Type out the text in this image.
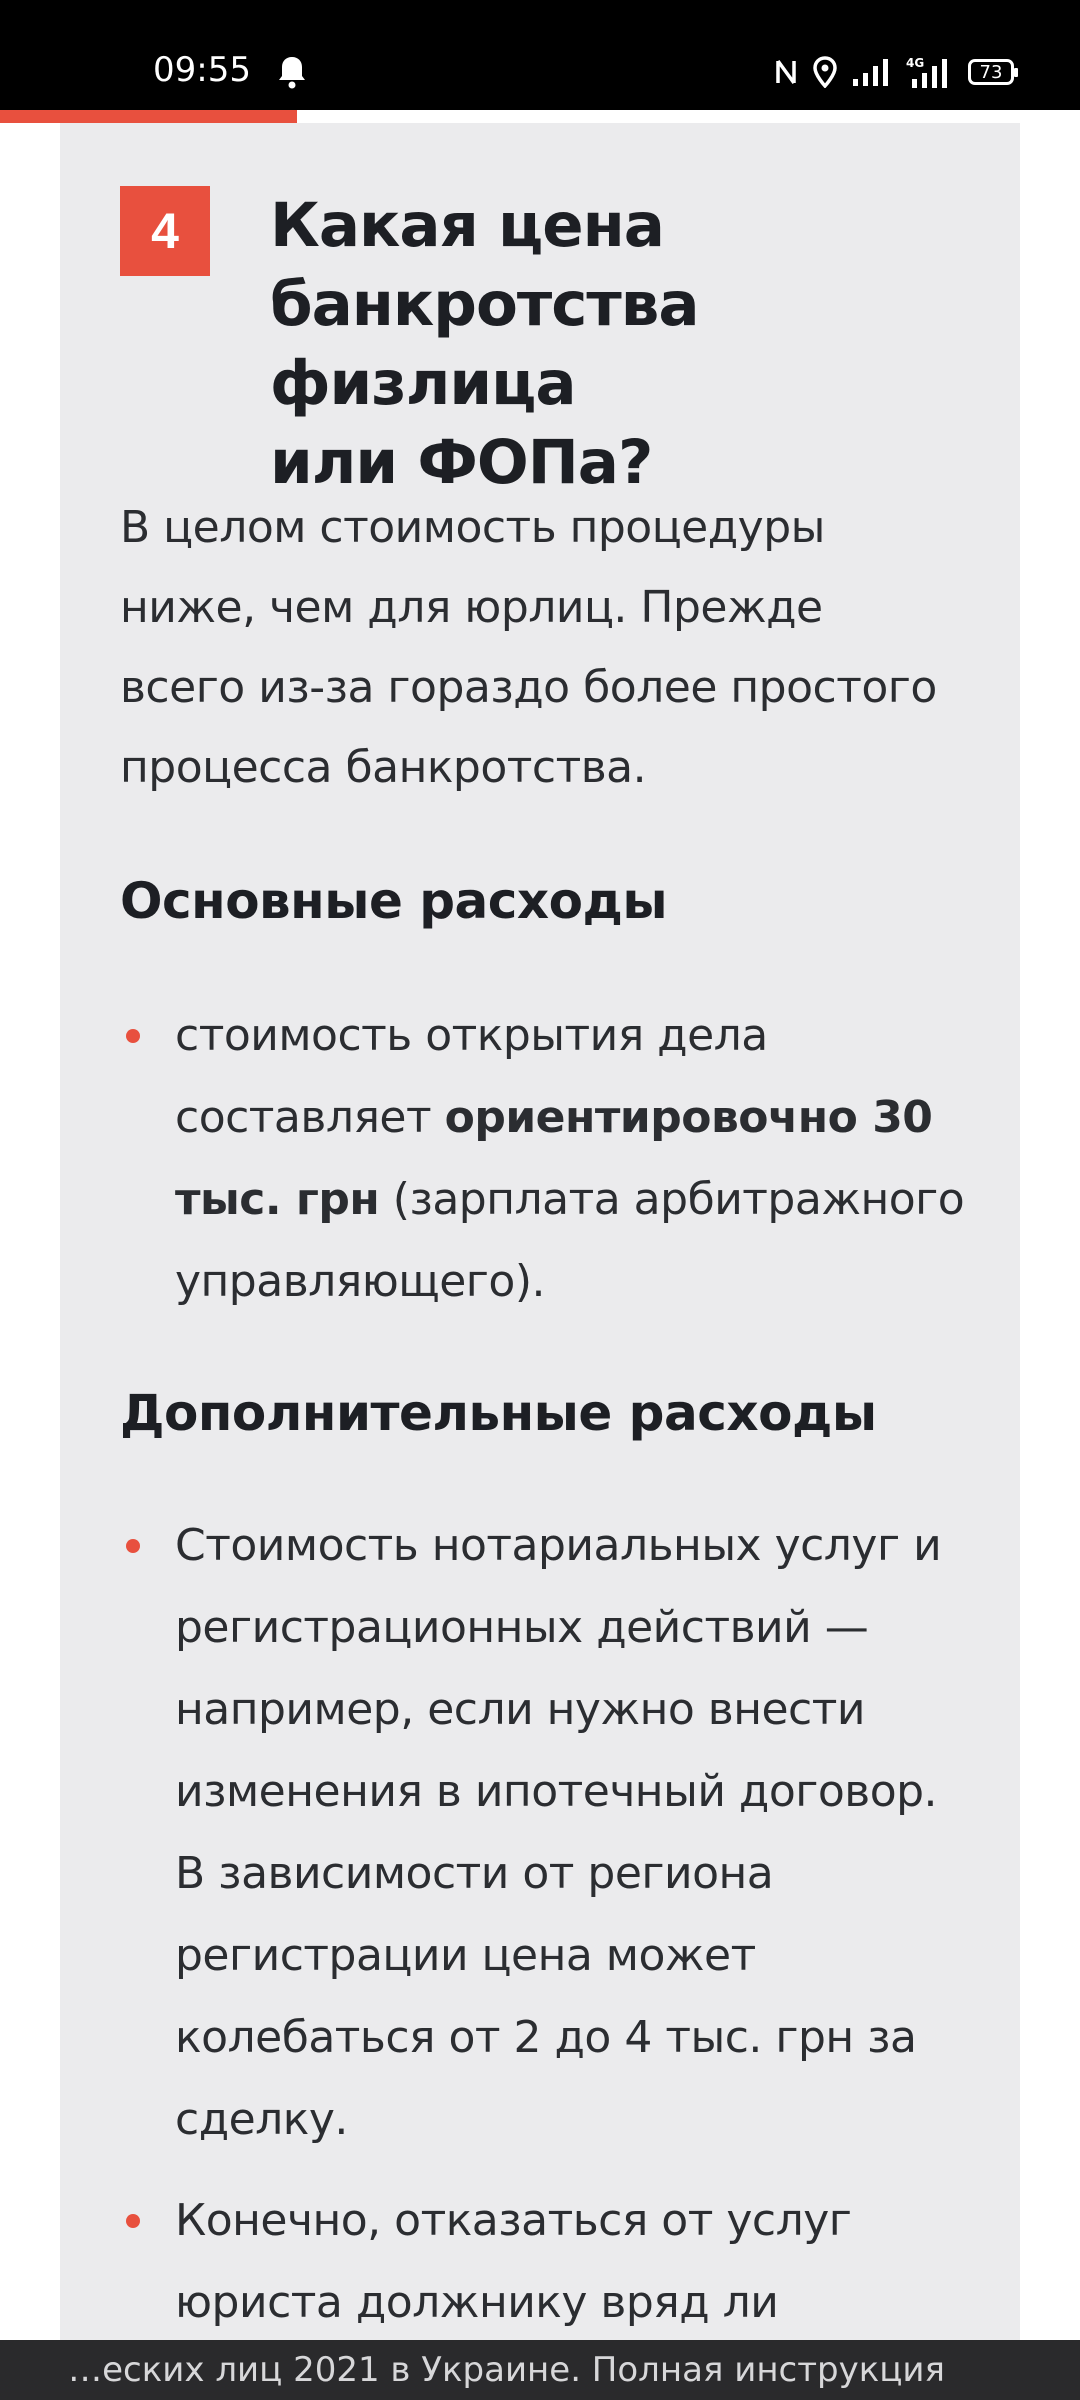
09:55	4G	73
4	Какая цена
банкротства физлица
или ФОПа?

В целом стоимость процедуры
ниже, чем для юрлиц. Прежде
всего из-за гораздо более простого
процесса банкротства.

Основные расходы

стоимость открытия дела
составляет ориентировочно 30
тыс. грн (зарплата арбитражного
управляющего).

Дополнительные расходы

Стоимость нотариальных услуг и
регистрационных действий —
например, если нужно внести
изменения в ипотечный договор.
В зависимости от региона
регистрации цена может
колебаться от 2 до 4 тыс. грн за
сделку.

Конечно, отказаться от услуг
юриста должнику вряд ли

…еских лиц 2021 в Украине. Полная инструкция
